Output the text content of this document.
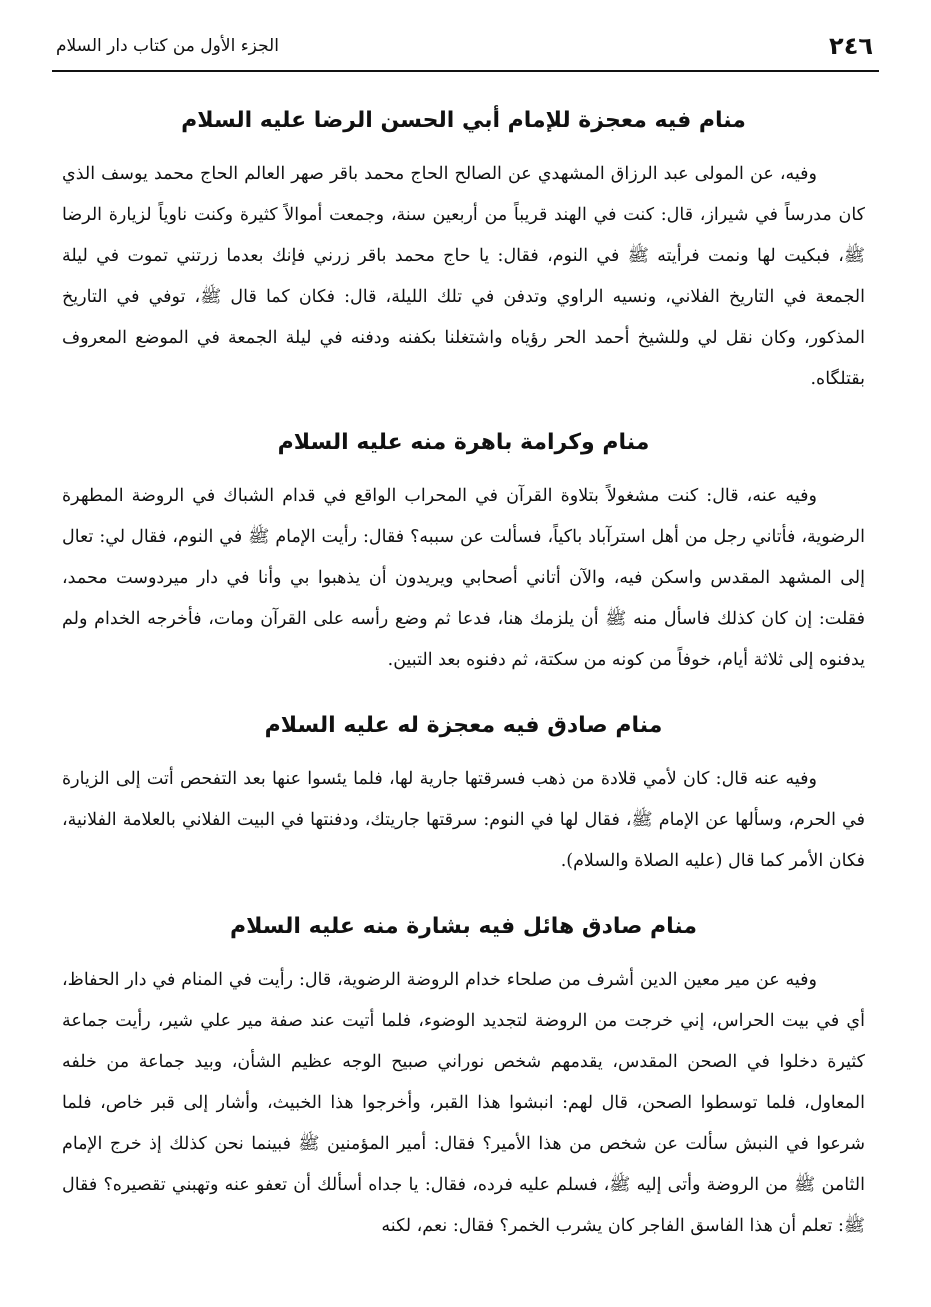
٢٤٦
الجزء الأول من كتاب دار السلام
منام فيه معجزة للإمام أبي الحسن الرضا عليه السلام

وفيه، عن المولى عبد الرزاق المشهدي عن الصالح الحاج محمد باقر صهر العالم الحاج محمد يوسف الذي كان مدرساً في شيراز، قال: كنت في الهند قريباً من أربعين سنة، وجمعت أموالاً كثيرة وكنت ناوياً لزيارة الرضا ﷺ، فبكيت لها ونمت فرأيته ﷺ في النوم، فقال: يا حاج محمد باقر زرني فإنك بعدما زرتني تموت في ليلة الجمعة في التاريخ الفلاني، ونسيه الراوي وتدفن في تلك الليلة، قال: فكان كما قال ﷺ، توفي في التاريخ المذكور، وكان نقل لي وللشيخ أحمد الحر رؤياه واشتغلنا بكفنه ودفنه في ليلة الجمعة في الموضع المعروف بقتلگاه.

منام وكرامة باهرة منه عليه السلام

وفيه عنه، قال: كنت مشغولاً بتلاوة القرآن في المحراب الواقع في قدام الشباك في الروضة المطهرة الرضوية، فأتاني رجل من أهل استرآباد باكياً، فسألت عن سببه؟ فقال: رأيت الإمام ﷺ في النوم، فقال لي: تعال إلى المشهد المقدس واسكن فيه، والآن أتاني أصحابي ويريدون أن يذهبوا بي وأنا في دار ميردوست محمد، فقلت: إن كان كذلك فاسأل منه ﷺ أن يلزمك هنا، فدعا ثم وضع رأسه على القرآن ومات، فأخرجه الخدام ولم يدفنوه إلى ثلاثة أيام، خوفاً من كونه من سكتة، ثم دفنوه بعد التبين.

منام صادق فيه معجزة له عليه السلام

وفيه عنه قال: كان لأمي قلادة من ذهب فسرقتها جارية لها، فلما يئسوا عنها بعد التفحص أتت إلى الزيارة في الحرم، وسألها عن الإمام ﷺ، فقال لها في النوم: سرقتها جاريتك، ودفنتها في البيت الفلاني بالعلامة الفلانية، فكان الأمر كما قال (عليه الصلاة والسلام).

منام صادق هائل فيه بشارة منه عليه السلام

وفيه عن مير معين الدين أشرف من صلحاء خدام الروضة الرضوية، قال: رأيت في المنام في دار الحفاظ، أي في بيت الحراس، إني خرجت من الروضة لتجديد الوضوء، فلما أتيت عند صفة مير علي شير، رأيت جماعة كثيرة دخلوا في الصحن المقدس، يقدمهم شخص نوراني صبيح الوجه عظيم الشأن، وبيد جماعة من خلفه المعاول، فلما توسطوا الصحن، قال لهم: انبشوا هذا القبر، وأخرجوا هذا الخبيث، وأشار إلى قبر خاص، فلما شرعوا في النبش سألت عن شخص من هذا الأمير؟ فقال: أمير المؤمنين ﷺ فبينما نحن كذلك إذ خرج الإمام الثامن ﷺ من الروضة وأتى إليه ﷺ، فسلم عليه فرده، فقال: يا جداه أسألك أن تعفو عنه وتهبني تقصيره؟ فقال ﷺ: تعلم أن هذا الفاسق الفاجر كان يشرب الخمر؟ فقال: نعم، لكنه
